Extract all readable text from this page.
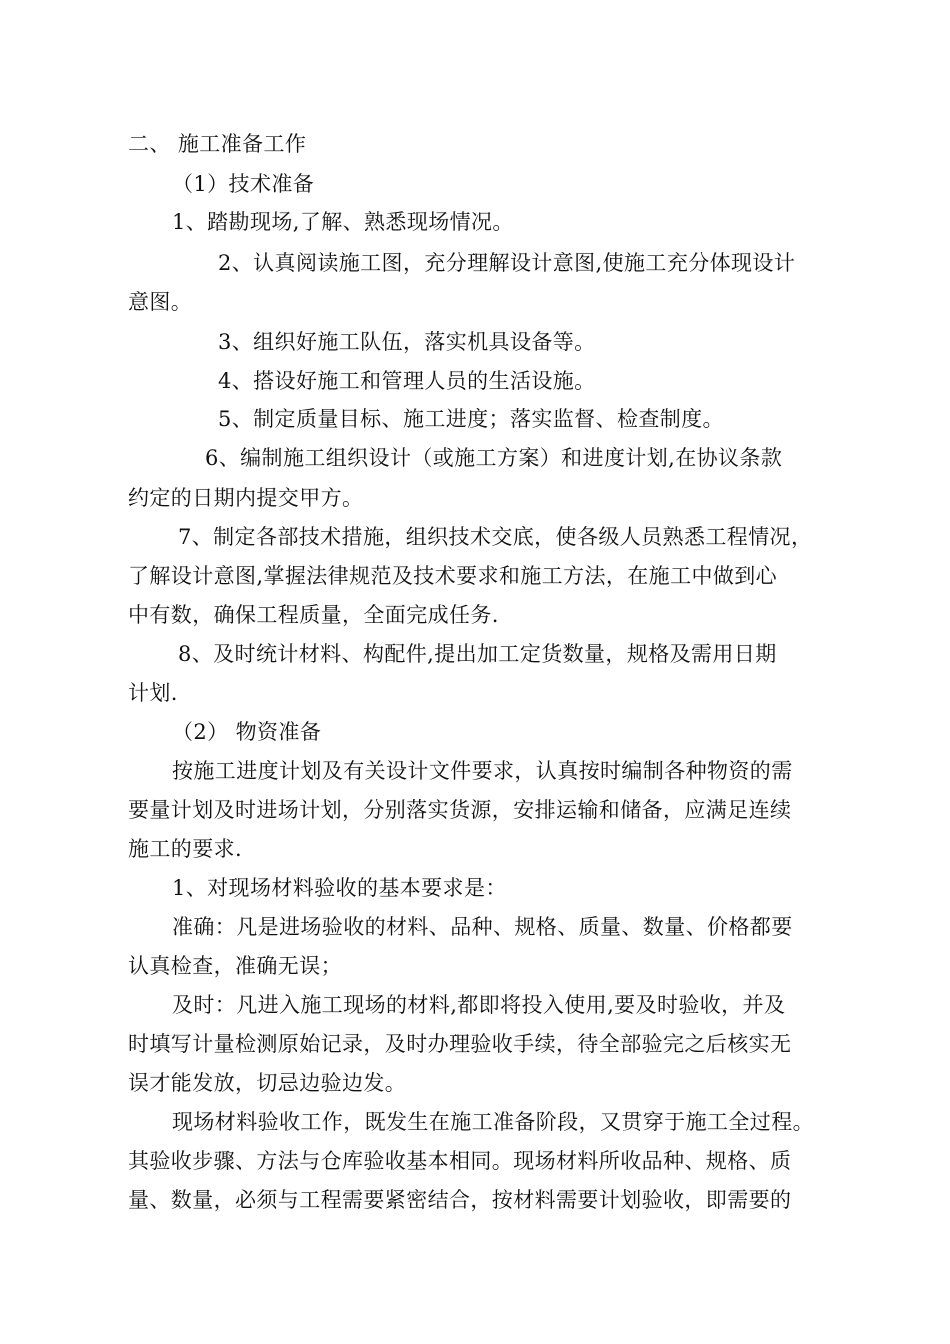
二、 施工准备工作
（1）技术准备
1、踏勘现场,了解、熟悉现场情况。
2、认真阅读施工图，充分理解设计意图,使施工充分体现设计
意图。
3、组织好施工队伍，落实机具设备等。
4、搭设好施工和管理人员的生活设施。
5、制定质量目标、施工进度；落实监督、检查制度。
6、编制施工组织设计（或施工方案）和进度计划,在协议条款
约定的日期内提交甲方。
7、制定各部技术措施，组织技术交底，使各级人员熟悉工程情况，
了解设计意图,掌握法律规范及技术要求和施工方法，在施工中做到心
中有数，确保工程质量，全面完成任务.
8、及时统计材料、构配件,提出加工定货数量，规格及需用日期
计划.
（2） 物资准备
按施工进度计划及有关设计文件要求，认真按时编制各种物资的需
要量计划及时进场计划，分别落实货源，安排运输和储备，应满足连续
施工的要求.
1、对现场材料验收的基本要求是：
准确：凡是进场验收的材料、品种、规格、质量、数量、价格都要
认真检查，准确无误；
及时：凡进入施工现场的材料,都即将投入使用,要及时验收，并及
时填写计量检测原始记录，及时办理验收手续，待全部验完之后核实无
误才能发放，切忌边验边发。
现场材料验收工作，既发生在施工准备阶段，又贯穿于施工全过程。
其验收步骤、方法与仓库验收基本相同。现场材料所收品种、规格、质
量、数量，必须与工程需要紧密结合，按材料需要计划验收，即需要的
